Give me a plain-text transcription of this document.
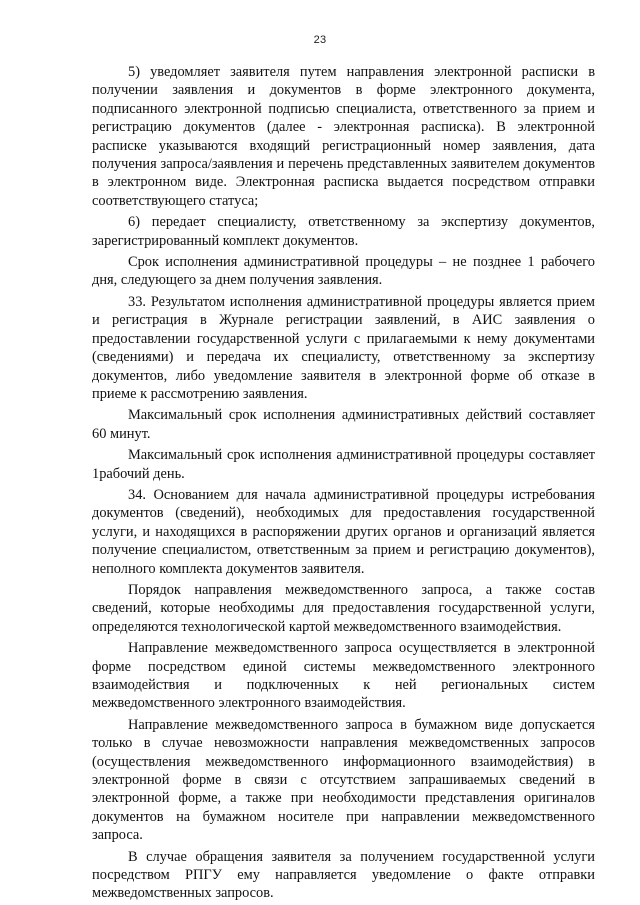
23

5) уведомляет заявителя путем направления электронной расписки в получении заявления и документов в форме электронного документа, подписанного электронной подписью специалиста, ответственного за прием и регистрацию документов (далее - электронная расписка). В электронной расписке указываются входящий регистрационный номер заявления, дата получения запроса/заявления и перечень представленных заявителем документов в электронном виде. Электронная расписка выдается посредством отправки соответствующего статуса;

6) передает специалисту, ответственному за экспертизу документов, зарегистрированный комплект документов.

Срок исполнения административной процедуры – не позднее 1 рабочего дня, следующего за днем получения заявления.

33. Результатом исполнения административной процедуры является прием и регистрация в Журнале регистрации заявлений, в АИС заявления о предоставлении государственной услуги с прилагаемыми к нему документами (сведениями) и передача их специалисту, ответственному за экспертизу документов, либо уведомление заявителя в электронной форме об отказе в приеме к рассмотрению заявления.

Максимальный срок исполнения административных действий составляет 60 минут.

Максимальный срок исполнения административной процедуры составляет 1рабочий день.

34. Основанием для начала административной процедуры истребования документов (сведений), необходимых для предоставления государственной услуги, и находящихся в распоряжении других органов и организаций является получение специалистом, ответственным за прием и регистрацию документов), неполного комплекта документов заявителя.

Порядок направления межведомственного запроса, а также состав сведений, которые необходимы для предоставления государственной услуги, определяются технологической картой межведомственного взаимодействия.

Направление межведомственного запроса осуществляется в электронной форме посредством единой системы межведомственного электронного взаимодействия и подключенных к ней региональных систем межведомственного электронного взаимодействия.

Направление межведомственного запроса в бумажном виде допускается только в случае невозможности направления межведомственных запросов (осуществления межведомственного информационного взаимодействия) в электронной форме в связи с отсутствием запрашиваемых сведений в электронной форме, а также при необходимости представления оригиналов документов на бумажном носителе при направлении межведомственного запроса.

В случае обращения заявителя за получением государственной услуги посредством РПГУ ему направляется уведомление о факте отправки межведомственных запросов.
